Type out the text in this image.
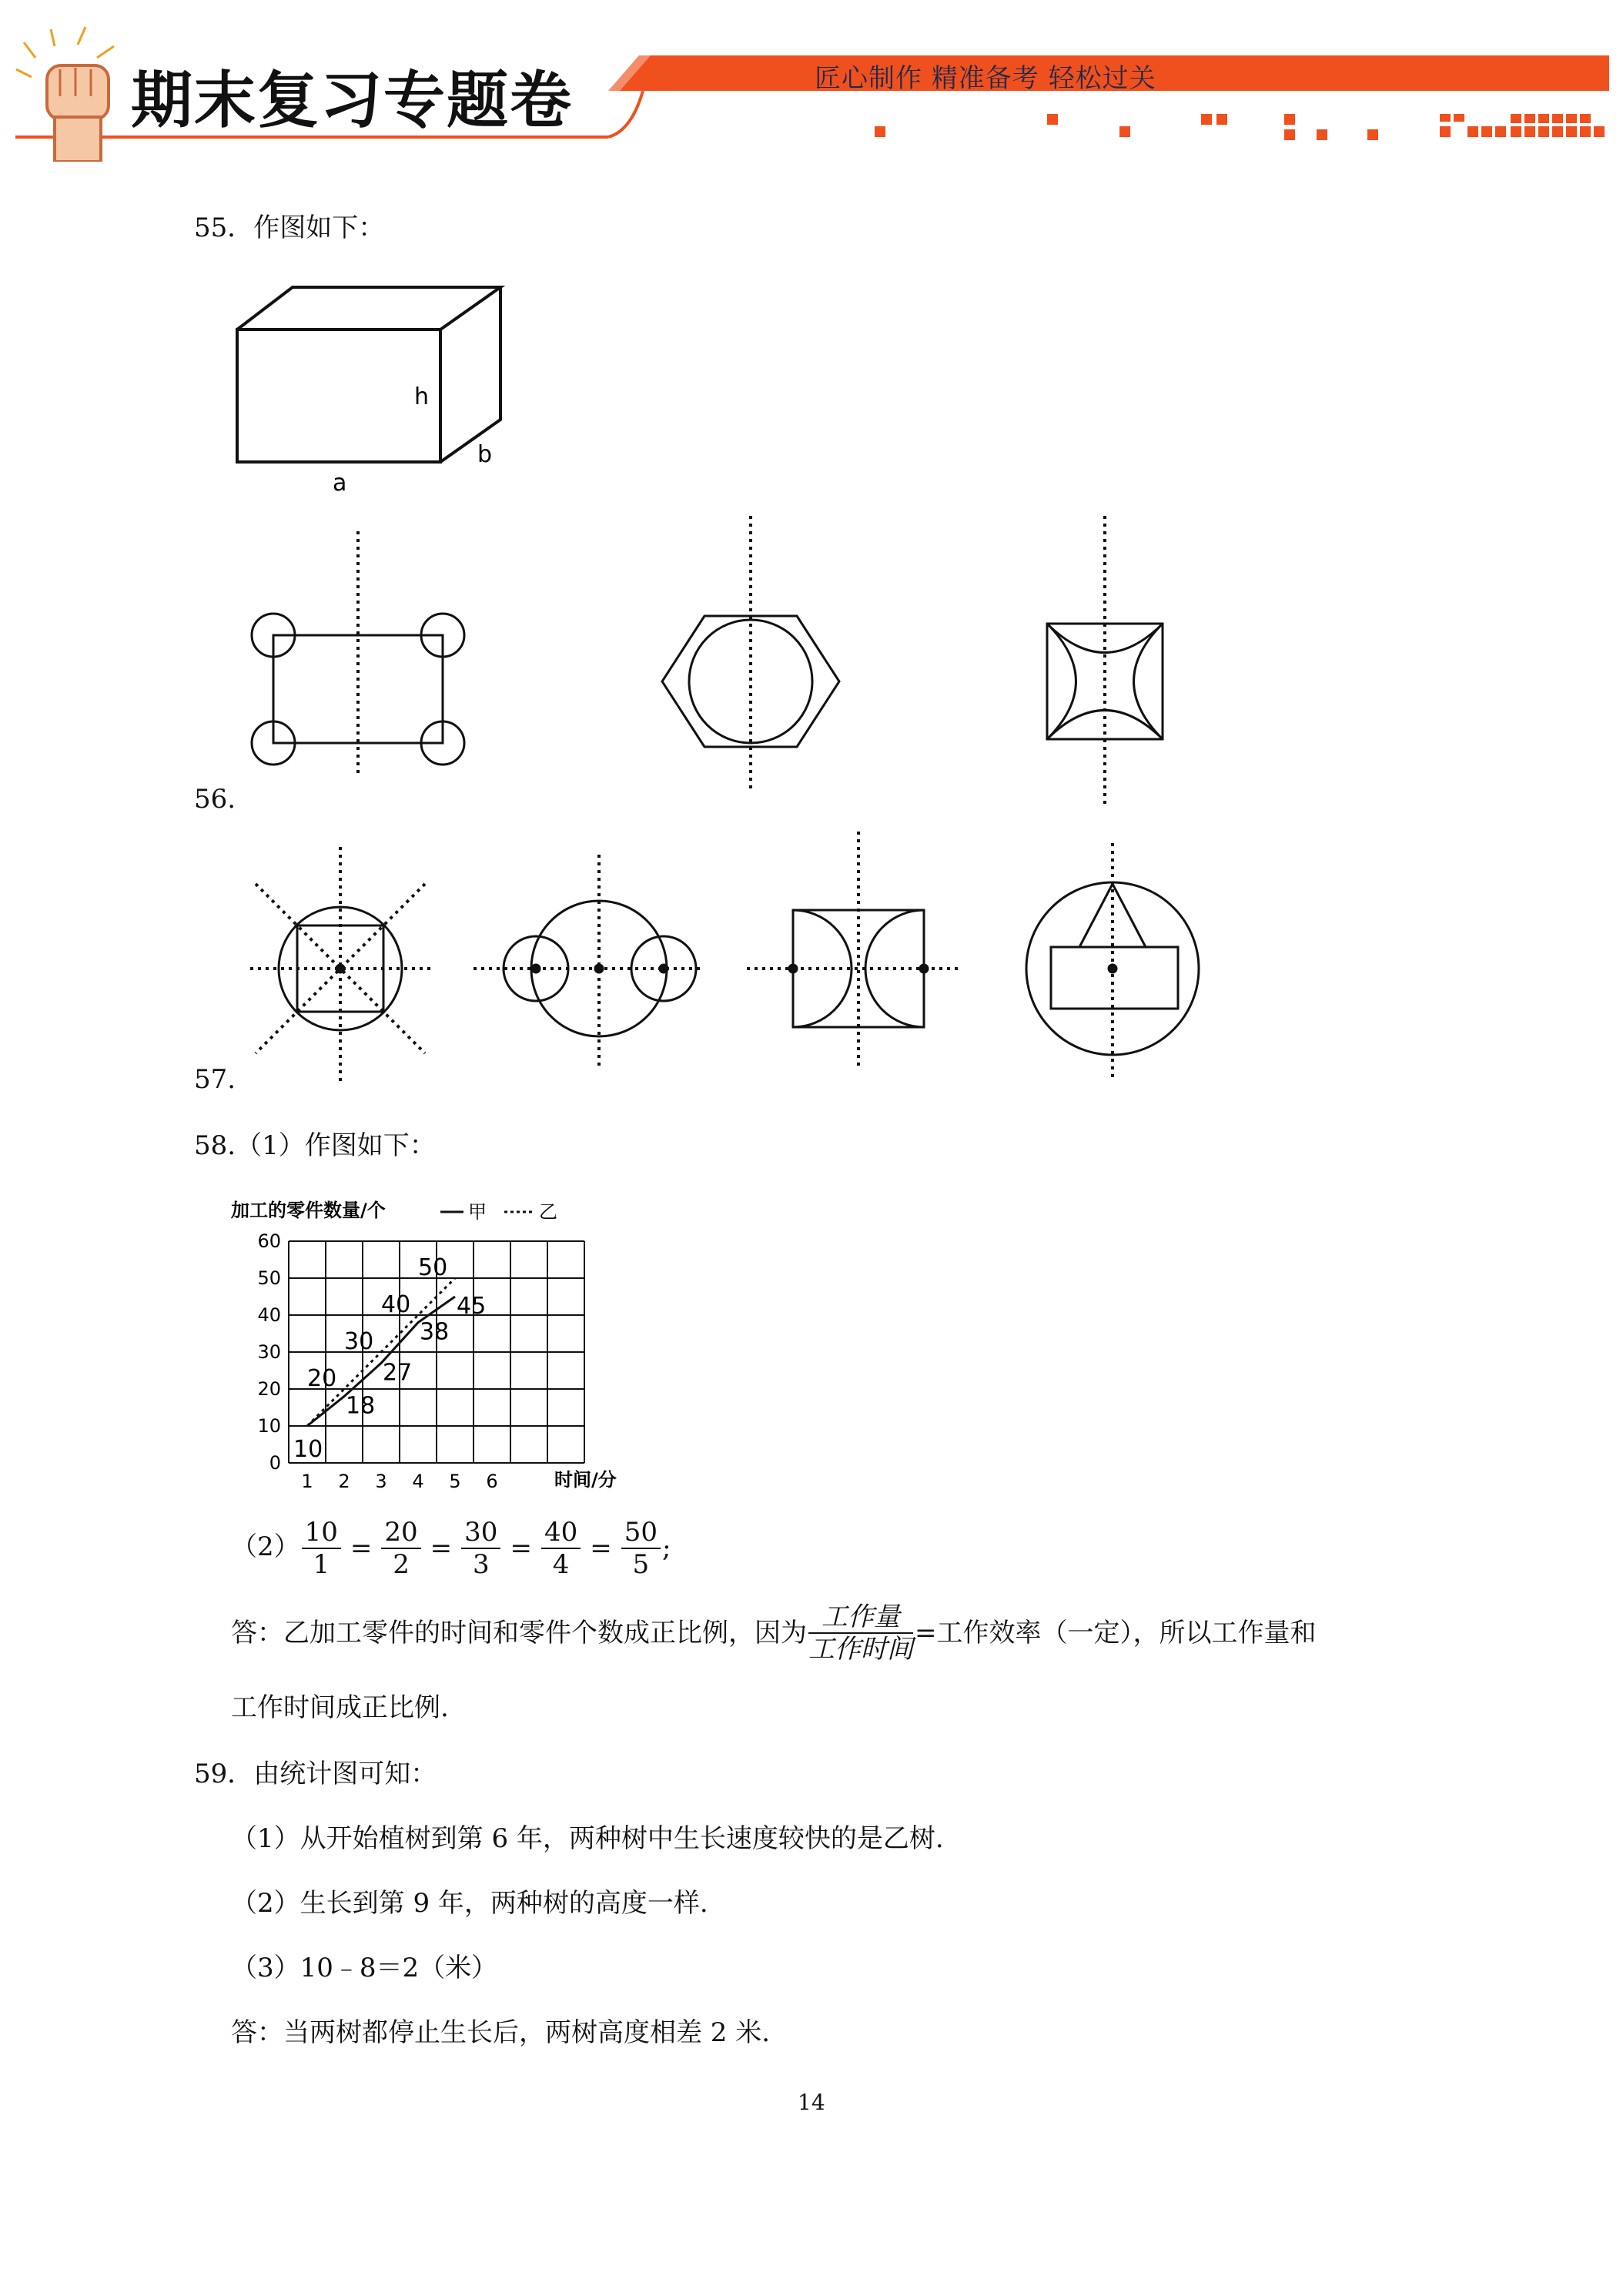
期末复习专题卷	匠心制作 精准备考 轻松过关
55．作图如下：
h
b
a
56.
57.
58.（1）作图如下：
加工的零件数量/个	甲	乙
0
10
20
30
40
50
60
1 2 3 4 5 6
10
18
27
38
45
20
30
40
50
时间/分
$(2) \frac{10}{1} = \frac{20}{2} = \frac{30}{3} = \frac{40}{4} = \frac{50}{5}$ ;
答：乙加工零件的时间和零件个数成正比例，因为 $\frac{\text{工作量}}{\text{工作时间}}$ =工作效率（一定），所以工作量和
工作时间成正比例.
59．由统计图可知：
（1）从开始植树到第 6 年，两种树中生长速度较快的是乙树.
（2）生长到第 9 年，两种树的高度一样.
（3）10﹣8＝2（米）
答：当两树都停止生长后，两树高度相差 2 米.
14
